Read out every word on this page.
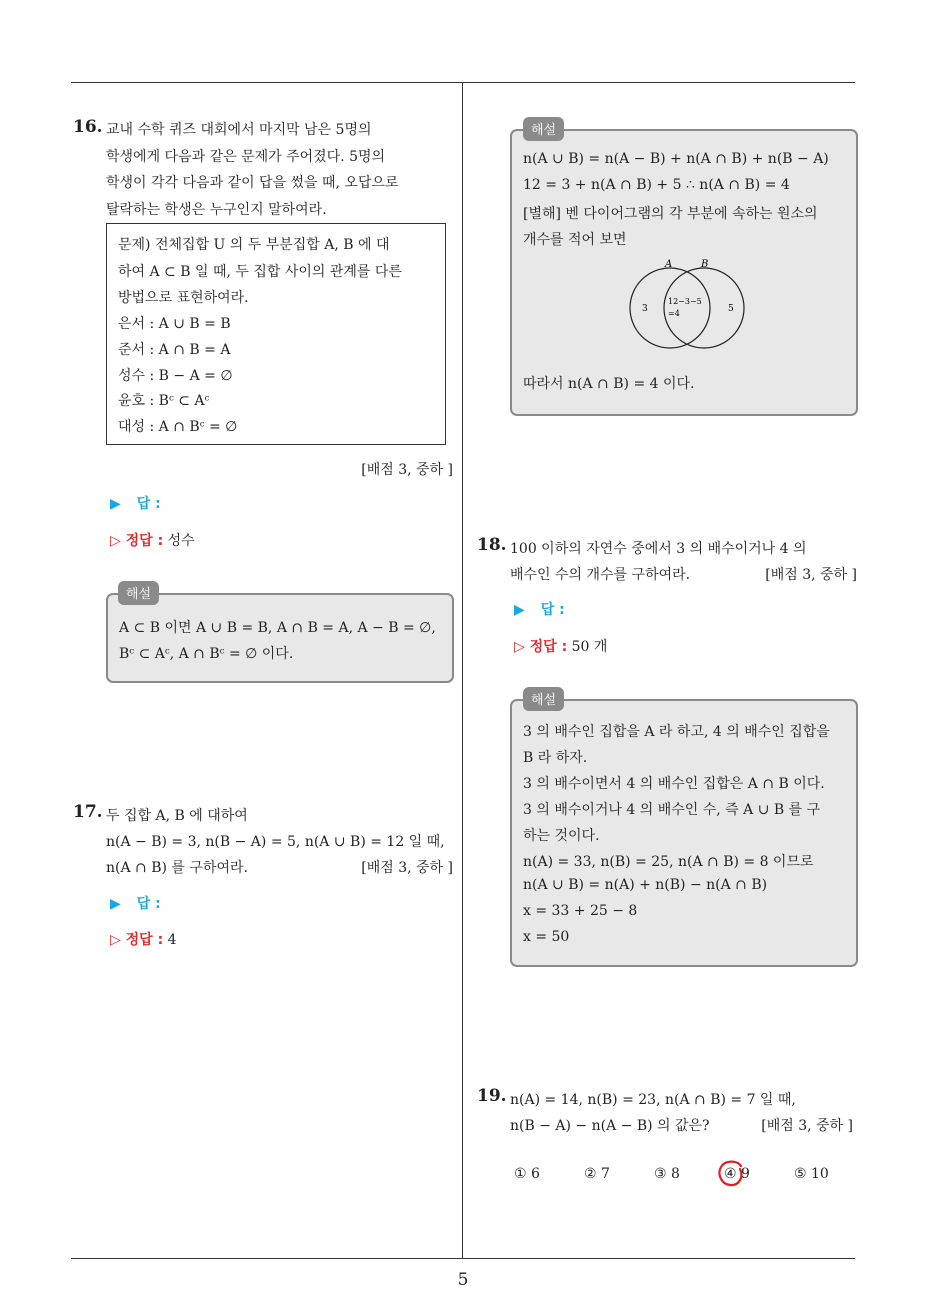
16. 교내 수학 퀴즈 대회에서 마지막 남은 5명의
학생에게 다음과 같은 문제가 주어졌다. 5명의
학생이 각각 다음과 같이 답을 썼을 때, 오답으로
탈락하는 학생은 누구인지 말하여라.
문제) 전체집합 U 의 두 부분집합 A, B 에 대
하여 A ⊂ B 일 때, 두 집합 사이의 관계를 다른
방법으로 표현하여라.
은서 : A ∪ B = B
준서 : A ∩ B = A
성수 : B − A = ∅
윤호 : Bᶜ ⊂ Aᶜ
대성 : A ∩ Bᶜ = ∅
[배점 3, 중하 ]
▶ 답 :
▷ 정답 : 성수
A ⊂ B 이면 A ∪ B = B, A ∩ B = A, A − B = ∅,
Bᶜ ⊂ Aᶜ, A ∩ Bᶜ = ∅ 이다.
해설
17. 두 집합 A, B 에 대하여
n(A − B) = 3, n(B − A) = 5, n(A ∪ B) = 12 일 때,
n(A ∩ B) 를 구하여라.	[배점 3, 중하 ]
▶ 답 :
▷ 정답 : 4
n(A ∪ B) = n(A − B) + n(A ∩ B) + n(B − A)
12 = 3 + n(A ∩ B) + 5 ∴ n(A ∩ B) = 4
[별해] 벤 다이어그램의 각 부분에 속하는 원소의
개수를 적어 보면
A	B
3
12−3−5
=4	5
따라서 n(A ∩ B) = 4 이다.
해설
18. 100 이하의 자연수 중에서 3 의 배수이거나 4 의
배수인 수의 개수를 구하여라.	[배점 3, 중하 ]
▶ 답 :
▷ 정답 : 50 개
3 의 배수인 집합을 A 라 하고, 4 의 배수인 집합을
B 라 하자.
3 의 배수이면서 4 의 배수인 집합은 A ∩ B 이다.
3 의 배수이거나 4 의 배수인 수, 즉 A ∪ B 를 구
하는 것이다.
n(A) = 33, n(B) = 25, n(A ∩ B) = 8 이므로
n(A ∪ B) = n(A) + n(B) − n(A ∩ B)
x = 33 + 25 − 8
x = 50
해설
19. n(A) = 14, n(B) = 23, n(A ∩ B) = 7 일 때,
n(B − A) − n(A − B) 의 값은?	[배점 3, 중하 ]
① 6	② 7	③ 8	④ 9	⑤ 10
5
